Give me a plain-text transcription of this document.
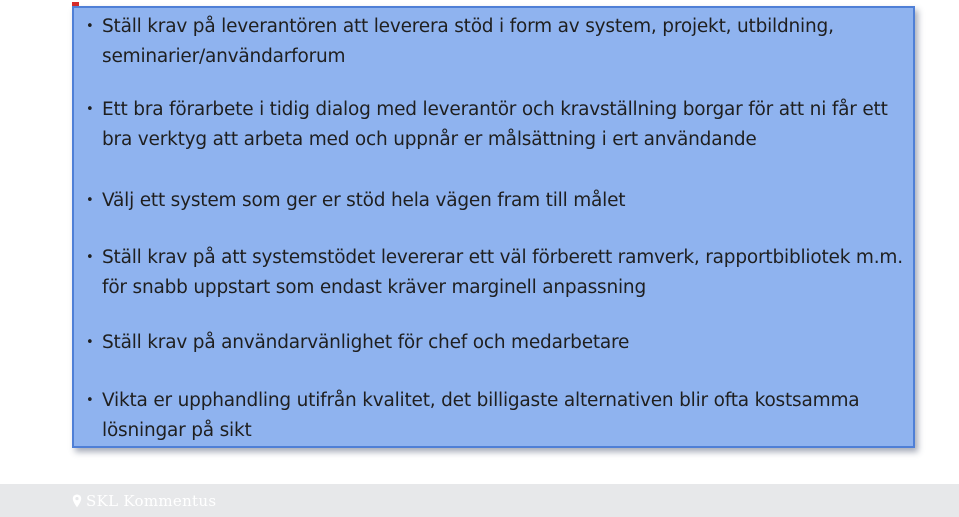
• Ställ krav på leverantören att leverera stöd i form av system, projekt, utbildning, seminarier/användarforum
• Ett bra förarbete i tidig dialog med leverantör och kravställning borgar för att ni får ett bra verktyg att arbeta med och uppnår er målsättning i ert användande
• Välj ett system som ger er stöd hela vägen fram till målet
• Ställ krav på att systemstödet levererar ett väl förberett ramverk, rapportbibliotek m.m. för snabb uppstart som endast kräver marginell anpassning
• Ställ krav på användarvänlighet för chef och medarbetare
• Vikta er upphandling utifrån kvalitet, det billigaste alternativen blir ofta kostsamma lösningar på sikt
SKL Kommentus
